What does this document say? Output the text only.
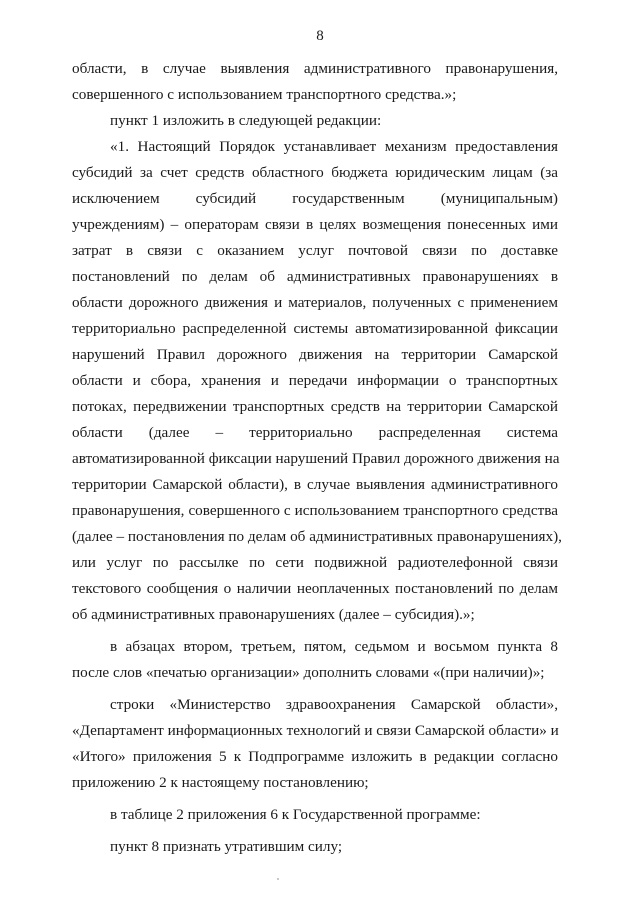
8
области, в случае выявления административного правонарушения,
совершенного с использованием транспортного средства.»;
пункт 1 изложить в следующей редакции:
«1. Настоящий Порядок устанавливает механизм предоставления
субсидий за счет средств областного бюджета юридическим лицам (за
исключением субсидий государственным (муниципальным)
учреждениям) – операторам связи в целях возмещения понесенных ими
затрат в связи с оказанием услуг почтовой связи по доставке
постановлений по делам об административных правонарушениях в
области дорожного движения и материалов, полученных с применением
территориально распределенной системы автоматизированной фиксации
нарушений Правил дорожного движения на территории Самарской
области и сбора, хранения и передачи информации о транспортных
потоках, передвижении транспортных средств на территории Самарской
области (далее – территориально распределенная система
автоматизированной фиксации нарушений Правил дорожного движения на
территории Самарской области), в случае выявления административного
правонарушения, совершенного с использованием транспортного средства
(далее – постановления по делам об административных правонарушениях),
или услуг по рассылке по сети подвижной радиотелефонной связи
текстового сообщения о наличии неоплаченных постановлений по делам
об административных правонарушениях (далее – субсидия).»;
в абзацах втором, третьем, пятом, седьмом и восьмом пункта 8
после слов «печатью организации» дополнить словами «(при наличии)»;
строки «Министерство здравоохранения Самарской области»,
«Департамент информационных технологий и связи Самарской области» и
«Итого» приложения 5 к Подпрограмме изложить в редакции согласно
приложению 2 к настоящему постановлению;
в таблице 2 приложения 6 к Государственной программе:
пункт 8 признать утратившим силу;
